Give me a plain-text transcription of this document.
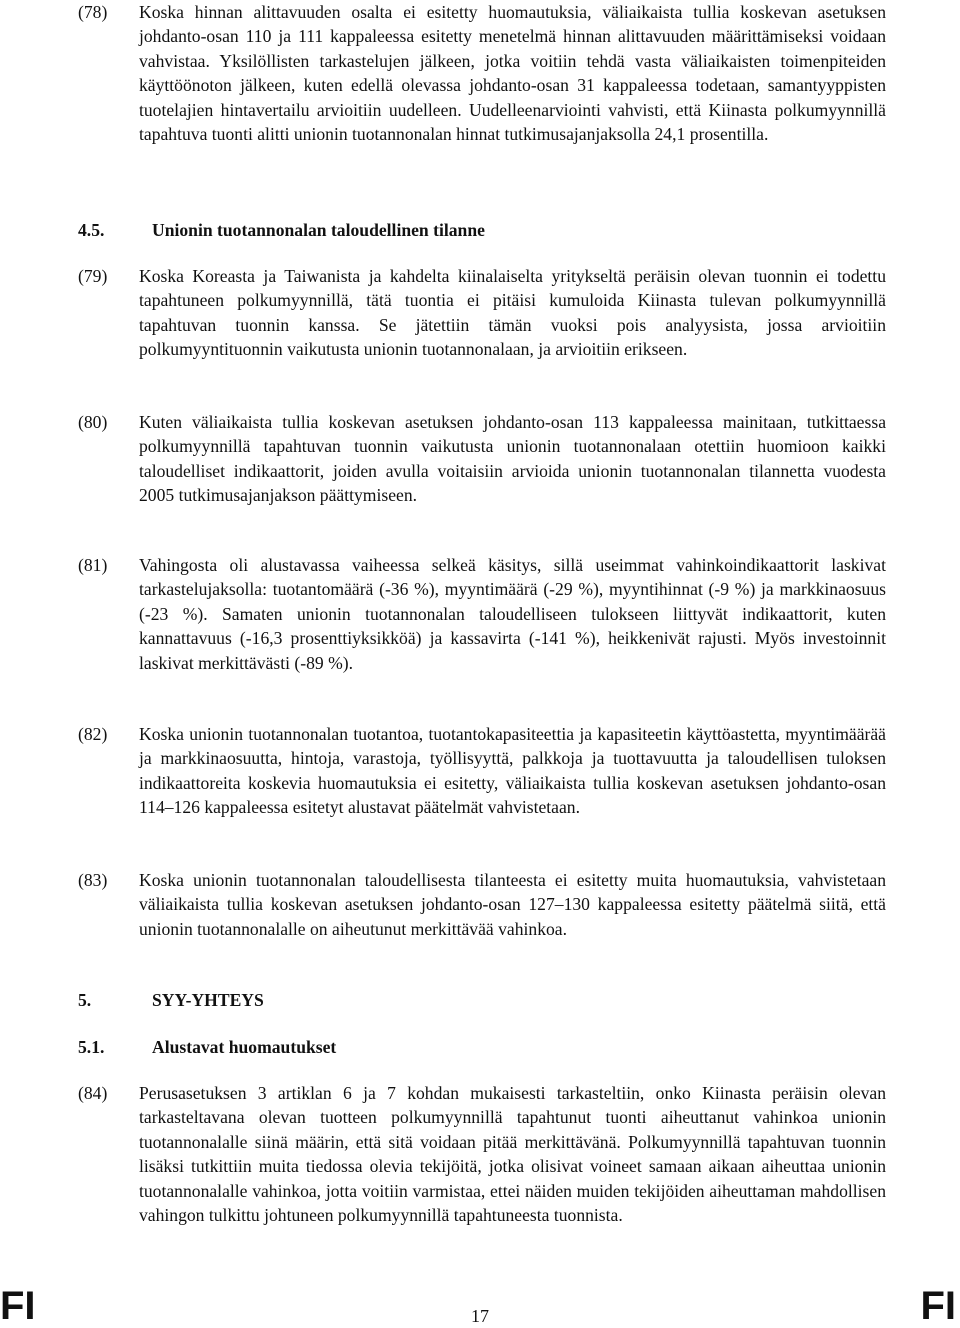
(78)	Koska hinnan alittavuuden osalta ei esitetty huomautuksia, väliaikaista tullia koskevan asetuksen johdanto-osan 110 ja 111 kappaleessa esitetty menetelmä hinnan alittavuuden määrittämiseksi voidaan vahvistaa. Yksilöllisten tarkastelujen jälkeen, jotka voitiin tehdä vasta väliaikaisten toimenpiteiden käyttöönoton jälkeen, kuten edellä olevassa johdanto-osan 31 kappaleessa todetaan, samantyyppisten tuotelajien hintavertailu arvioitiin uudelleen. Uudelleenarviointi vahvisti, että Kiinasta polkumyynnillä tapahtuva tuonti alitti unionin tuotannonalan hinnat tutkimusajanjaksolla 24,1 prosentilla.
4.5.	Unionin tuotannonalan taloudellinen tilanne
(79)	Koska Koreasta ja Taiwanista ja kahdelta kiinalaiselta yritykseltä peräisin olevan tuonnin ei todettu tapahtuneen polkumyynnillä, tätä tuontia ei pitäisi kumuloida Kiinasta tulevan polkumyynnillä tapahtuvan tuonnin kanssa. Se jätettiin tämän vuoksi pois analyysista, jossa arvioitiin polkumyyntituonnin vaikutusta unionin tuotannonalaan, ja arvioitiin erikseen.
(80)	Kuten väliaikaista tullia koskevan asetuksen johdanto-osan 113 kappaleessa mainitaan, tutkittaessa polkumyynnillä tapahtuvan tuonnin vaikutusta unionin tuotannonalaan otettiin huomioon kaikki taloudelliset indikaattorit, joiden avulla voitaisiin arvioida unionin tuotannonalan tilannetta vuodesta 2005 tutkimusajanjakson päättymiseen.
(81)	Vahingosta oli alustavassa vaiheessa selkeä käsitys, sillä useimmat vahinkoindikaattorit laskivat tarkastelujaksolla: tuotantomäärä (-36 %), myyntimäärä (-29 %), myyntihinnat (-9 %) ja markkinaosuus (-23 %). Samaten unionin tuotannonalan taloudelliseen tulokseen liittyvät indikaattorit, kuten kannattavuus (-16,3 prosenttiyksikköä) ja kassavirta (-141 %), heikkenivät rajusti. Myös investoinnit laskivat merkittävästi (-89 %).
(82)	Koska unionin tuotannonalan tuotantoa, tuotantokapasiteettia ja kapasiteetin käyttöastetta, myyntimäärää ja markkinaosuutta, hintoja, varastoja, työllisyyttä, palkkoja ja tuottavuutta ja taloudellisen tuloksen indikaattoreita koskevia huomautuksia ei esitetty, väliaikaista tullia koskevan asetuksen johdanto-osan 114–126 kappaleessa esitetyt alustavat päätelmät vahvistetaan.
(83)	Koska unionin tuotannonalan taloudellisesta tilanteesta ei esitetty muita huomautuksia, vahvistetaan väliaikaista tullia koskevan asetuksen johdanto-osan 127–130 kappaleessa esitetty päätelmä siitä, että unionin tuotannonalalle on aiheutunut merkittävää vahinkoa.
5.	SYY-YHTEYS
5.1.	Alustavat huomautukset
(84)	Perusasetuksen 3 artiklan 6 ja 7 kohdan mukaisesti tarkasteltiin, onko Kiinasta peräisin olevan tarkasteltavana olevan tuotteen polkumyynnillä tapahtunut tuonti aiheuttanut vahinkoa unionin tuotannonalalle siinä määrin, että sitä voidaan pitää merkittävänä. Polkumyynnillä tapahtuvan tuonnin lisäksi tutkittiin muita tiedossa olevia tekijöitä, jotka olisivat voineet samaan aikaan aiheuttaa unionin tuotannonalalle vahinkoa, jotta voitiin varmistaa, ettei näiden muiden tekijöiden aiheuttaman mahdollisen vahingon tulkittu johtuneen polkumyynnillä tapahtuneesta tuonnista.
FI	17	FI
